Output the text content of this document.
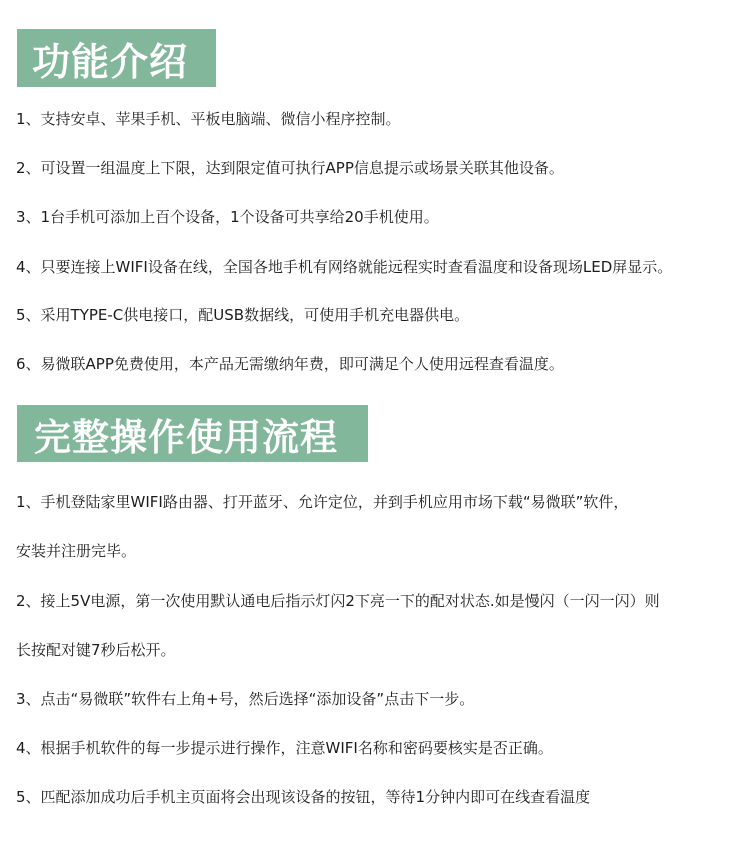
功能介绍
1、支持安卓、苹果手机、平板电脑端、微信小程序控制。
2、可设置一组温度上下限，达到限定值可执行APP信息提示或场景关联其他设备。
3、1台手机可添加上百个设备，1个设备可共享给20手机使用。
4、只要连接上WIFI设备在线，全国各地手机有网络就能远程实时查看温度和设备现场LED屏显示。
5、采用TYPE-C供电接口，配USB数据线，可使用手机充电器供电。
6、易微联APP免费使用，本产品无需缴纳年费，即可满足个人使用远程查看温度。
完整操作使用流程
1、手机登陆家里WIFI路由器、打开蓝牙、允许定位，并到手机应用市场下载“易微联”软件，
安装并注册完毕。
2、接上5V电源，第一次使用默认通电后指示灯闪2下亮一下的配对状态.如是慢闪（一闪一闪）则
长按配对键7秒后松开。
3、点击“易微联”软件右上角+号，然后选择“添加设备”点击下一步。
4、根据手机软件的每一步提示进行操作，注意WIFI名称和密码要核实是否正确。
5、匹配添加成功后手机主页面将会出现该设备的按钮，等待1分钟内即可在线查看温度
